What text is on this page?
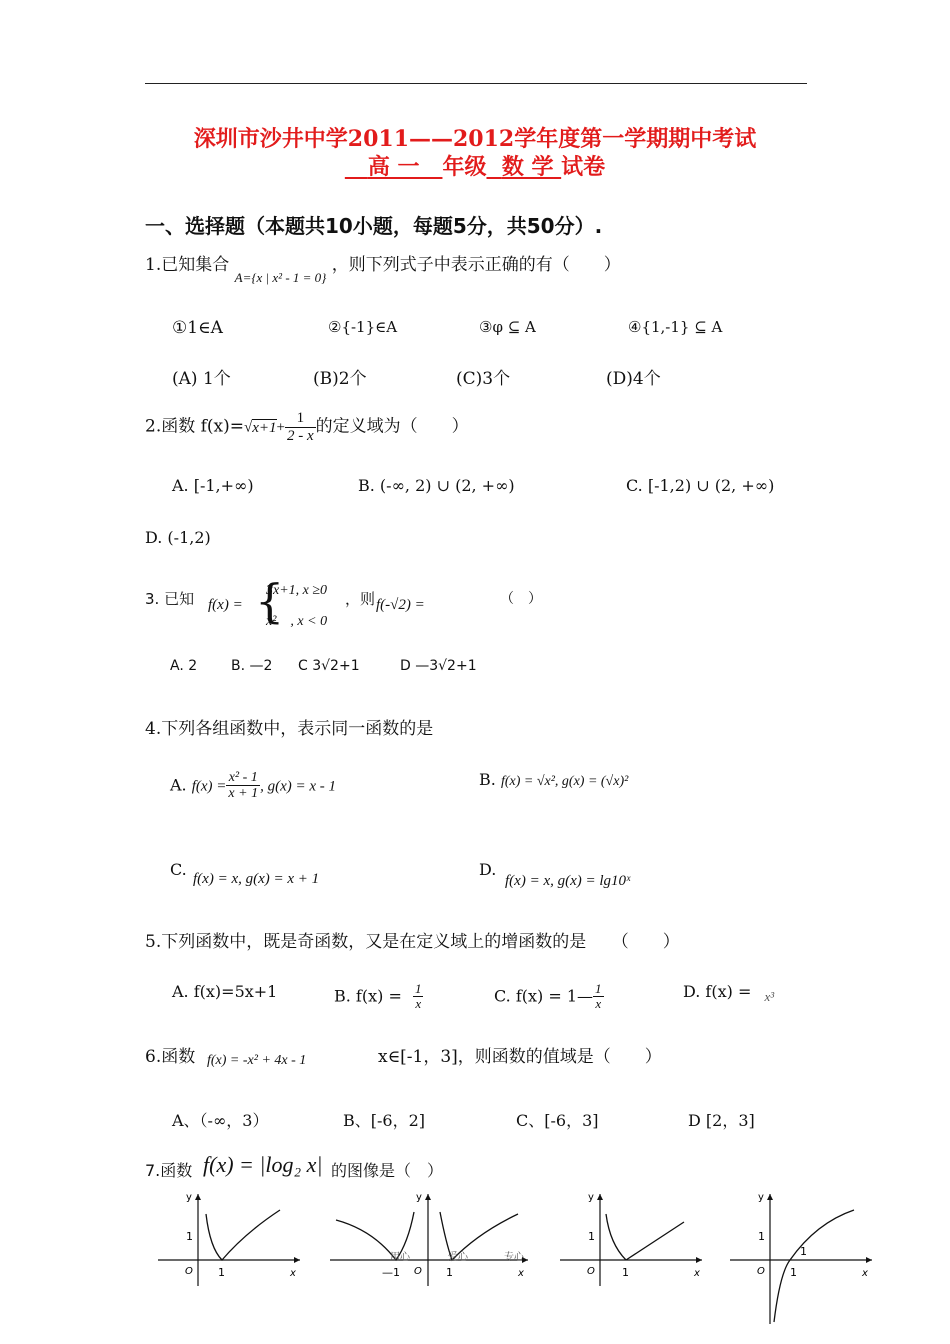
深圳市沙井中学2011——2012学年度第一学期期中考试
高 一 年级 数 学 试卷
一、选择题（本题共10小题，每题5分，共50分）.
1.已知集合 $_{A=\{x | x^2 - 1 = 0\}}$ ，则下列式子中表示正确的有（　　）
①1∈A	②{-1}∈A	③φ ⊆ A	④{1,-1} ⊆ A
(A) 1个	(B)2个	(C)3个	(D)4个
2.函数 $f(x)=√x+1+ \frac{1}{2 - x}$ 的定义域为（　　）
A. [-1,+∞)	B. (-∞, 2) ∪ (2, +∞)	C. [-1,2) ∪ (2, +∞)
D. (-1,2)
3. 已知 f(x) = {
3x+1, x ≥0
x²　, x < 0
，则 f(-√2) =	（　）
A. 2 B. —2 C 3√2+1	D —3√2+1
4.下列各组函数中，表示同一函数的是
A. $f(x) = \frac{\text{x² - 1}}{x + 1}$ , g(x) = x - 1	B. f(x) = √x², g(x) = (√x)²
C. f(x) = x, g(x) = x + 1	D.
f(x) = x, g(x) = lg10ˣ
5.下列函数中，既是奇函数，又是在定义域上的增函数的是　　（　　）
A. f(x)=5x+1	B. $f(x) = \frac{1}{x}$	C. f(x) = 1— $\frac{1}{x}$	D. f(x) = $_{x^3}$
6.函数 f(x) = -x² + 4x - 1	x∈[-1，3]，则函数的值域是（　　）
A、（-∞，3）	B、[-6，2]	C、[-6，3]	D [2，3]
7.函数 f(x) = |log₂ x| 的图像是（　）
1
1
O
y
x	—1	1
O
y
x
用心	爱心	专心
1
1
O
y
x
1
1
1
O
y
x
